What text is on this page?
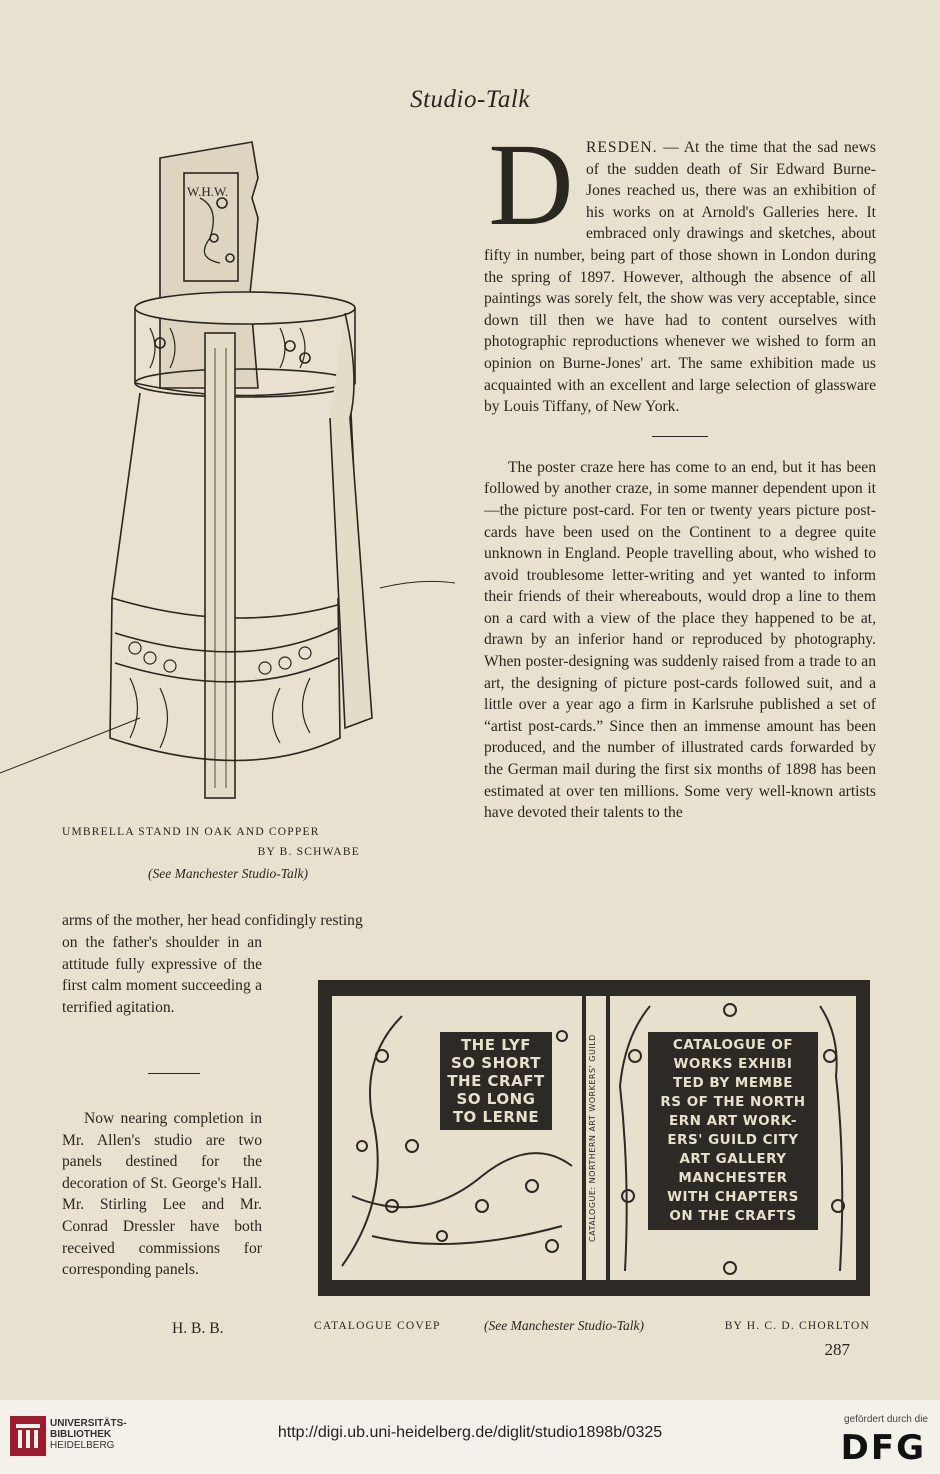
Studio-Talk
W.H.W.
UMBRELLA STAND IN OAK AND COPPER
BY B. SCHWABE
(See Manchester Studio-Talk)
D RESDEN. — At the time that the sad news of the sudden death of Sir Edward Burne-Jones reached us, there was an exhibition of his works on at Arnold's Galleries here. It embraced only drawings and sketches, about fifty in number, being part of those shown in London during the spring of 1897. However, although the absence of all paintings was sorely felt, the show was very acceptable, since down till then we have had to content ourselves with photographic reproductions whenever we wished to form an opinion on Burne-Jones' art. The same exhibition made us acquainted with an excellent and large selection of glassware by Louis Tiffany, of New York.

The poster craze here has come to an end, but it has been followed by another craze, in some manner dependent upon it—the picture post-card. For ten or twenty years picture post-cards have been used on the Continent to a degree quite unknown in England. People travelling about, who wished to avoid troublesome letter-writing and yet wanted to inform their friends of their whereabouts, would drop a line to them on a card with a view of the place they happened to be at, drawn by an inferior hand or reproduced by photography. When poster-designing was suddenly raised from a trade to an art, the designing of picture post-cards followed suit, and a little over a year ago a firm in Karlsruhe published a set of “artist post-cards.” Since then an immense amount has been produced, and the number of illustrated cards forwarded by the German mail during the first six months of 1898 has been estimated at over ten millions. Some very well-known artists have devoted their talents to the

arms of the mother, her head confidingly resting
on the father's shoulder in an attitude fully expressive of the first calm moment succeeding a terrified agitation.
Now nearing completion in Mr. Allen's studio are two panels destined for the decoration of St. George's Hall. Mr. Stirling Lee and Mr. Conrad Dressler have both received commissions for corresponding panels.
H. B. B.
THE LYF
SO SHORT
THE CRAFT
SO LONG
TO LERNE	CATALOGUE: NORTHERN ART WORKERS' GUILD	CATALOGUE OF
WORKS EXHIBI
TED BY MEMBE
RS OF THE NORTH
ERN ART WORK-
ERS' GUILD CITY
ART GALLERY
MANCHESTER
WITH CHAPTERS
ON THE CRAFTS
CATALOGUE COVEP	(See Manchester Studio-Talk)	BY H. C. D. CHORLTON
287
UNIVERSITÄTS-
BIBLIOTHEK
HEIDELBERG
http://digi.ub.uni-heidelberg.de/diglit/studio1898b/0325
gefördert durch die
DFG
